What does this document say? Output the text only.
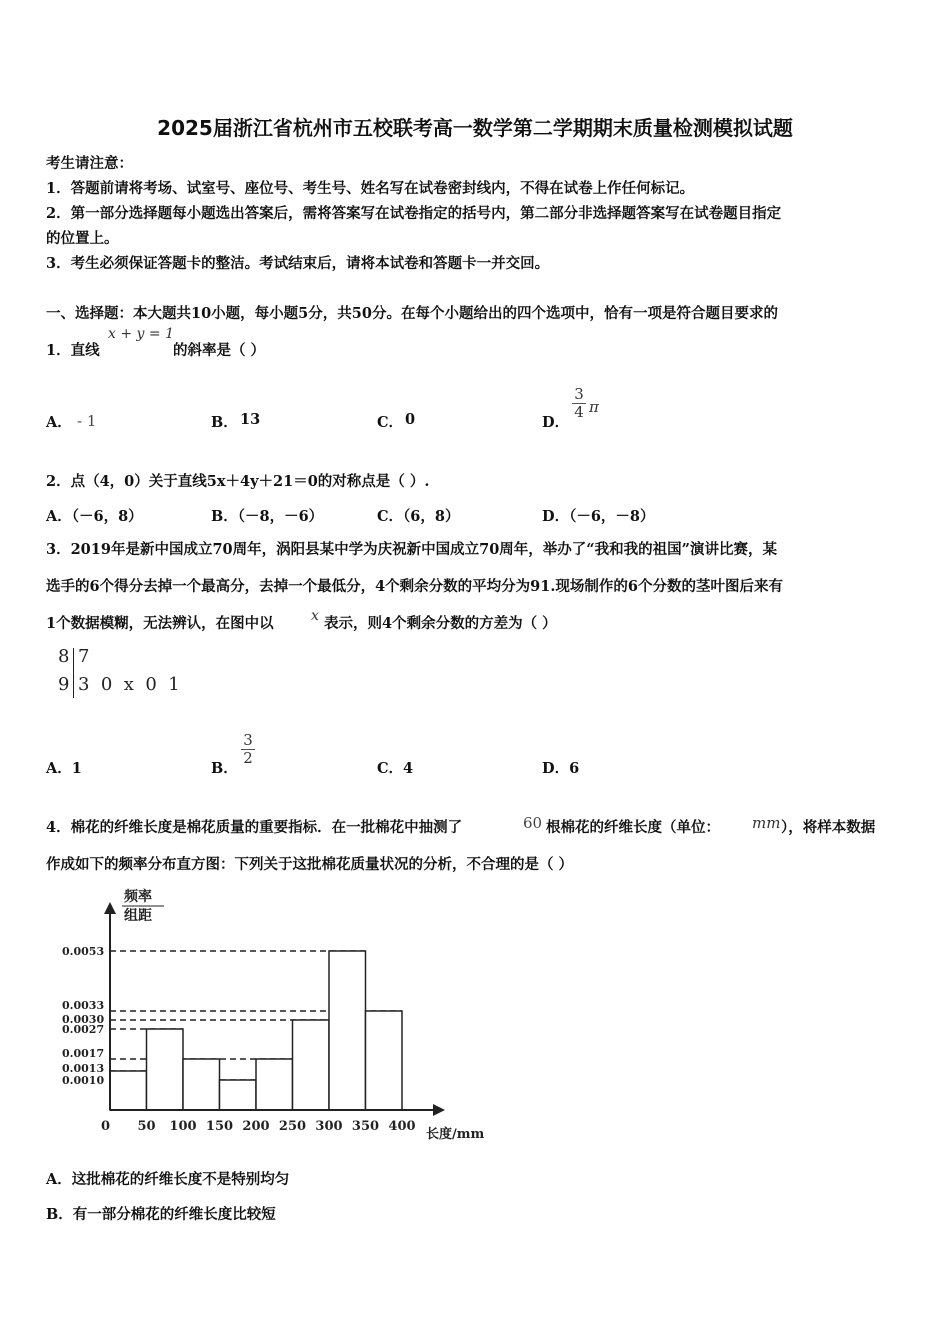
2025届浙江省杭州市五校联考高一数学第二学期期末质量检测模拟试题
考生请注意：
1．答题前请将考场、试室号、座位号、考生号、姓名写在试卷密封线内，不得在试卷上作任何标记。
2．第一部分选择题每小题选出答案后，需将答案写在试卷指定的括号内，第二部分非选择题答案写在试卷题目指定
的位置上。
3．考生必须保证答题卡的整洁。考试结束后，请将本试卷和答题卡一并交回。
一、选择题：本大题共10小题，每小题5分，共50分。在每个小题给出的四个选项中，恰有一项是符合题目要求的
1．直线
x + y = 1
的斜率是（ ）
A． - 1	B． 13	C． 0	D．
$\frac{3}{4}$ π
2．点（4，0）关于直线5x＋4y＋21＝0的对称点是（ ）.
A．（－6，8）	B．（－8，－6）	C．（6，8）	D．（－6，－8）
3．2019年是新中国成立70周年，涡阳县某中学为庆祝新中国成立70周年，举办了“我和我的祖国”演讲比赛，某
选手的6个得分去掉一个最高分，去掉一个最低分，4个剩余分数的平均分为91.现场制作的6个分数的茎叶图后来有
1个数据模糊，无法辨认，在图中以	x 表示，则4个剩余分数的方差为（ ）
8 7
9 3  0  x  0  1
A．1	B．
$\frac{3}{2}$
C．4	D．6
4．棉花的纤维长度是棉花质量的重要指标．在一批棉花中抽测了	60 根棉花的纤维长度（单位： mm ），将样本数据
作成如下的频率分布直方图：下列关于这批棉花质量状况的分析，不合理的是（ ）
频率
组距
0
长度/mm
50 100 150 200 250 300 350 400
0.0053
0.0033
0.0030
0.0027
0.0017
0.0013
0.0010
A．这批棉花的纤维长度不是特别均匀
B．有一部分棉花的纤维长度比较短
